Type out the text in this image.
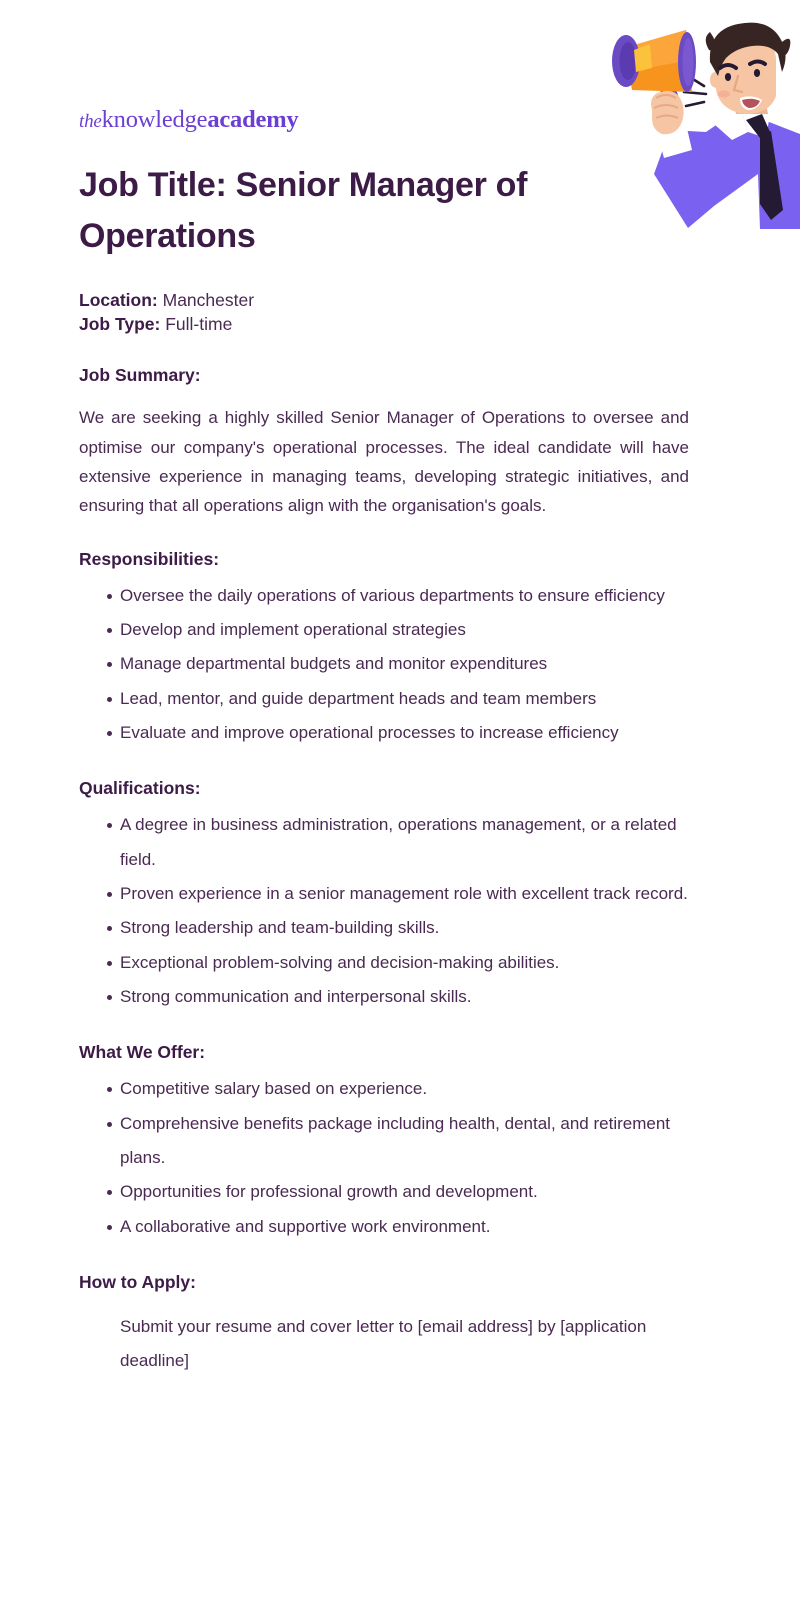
theknowledgeacademy
Job Title: Senior Manager of Operations
Location: Manchester
Job Type: Full-time
Job Summary:

We are seeking a highly skilled Senior Manager of Operations to oversee and optimise our company's operational processes. The ideal candidate will have extensive experience in managing teams, developing strategic initiatives, and ensuring that all operations align with the organisation's goals.

Responsibilities:
Oversee the daily operations of various departments to ensure efficiency
Develop and implement operational strategies
Manage departmental budgets and monitor expenditures
Lead, mentor, and guide department heads and team members
Evaluate and improve operational processes to increase efficiency
Qualifications:
A degree in business administration, operations management, or a related field.
Proven experience in a senior management role with excellent track record.
Strong leadership and team-building skills.
Exceptional problem-solving and decision-making abilities.
Strong communication and interpersonal skills.
What We Offer:
Competitive salary based on experience.
Comprehensive benefits package including health, dental, and retirement plans.
Opportunities for professional growth and development.
A collaborative and supportive work environment.
How to Apply:

Submit your resume and cover letter to [email address] by [application deadline]
